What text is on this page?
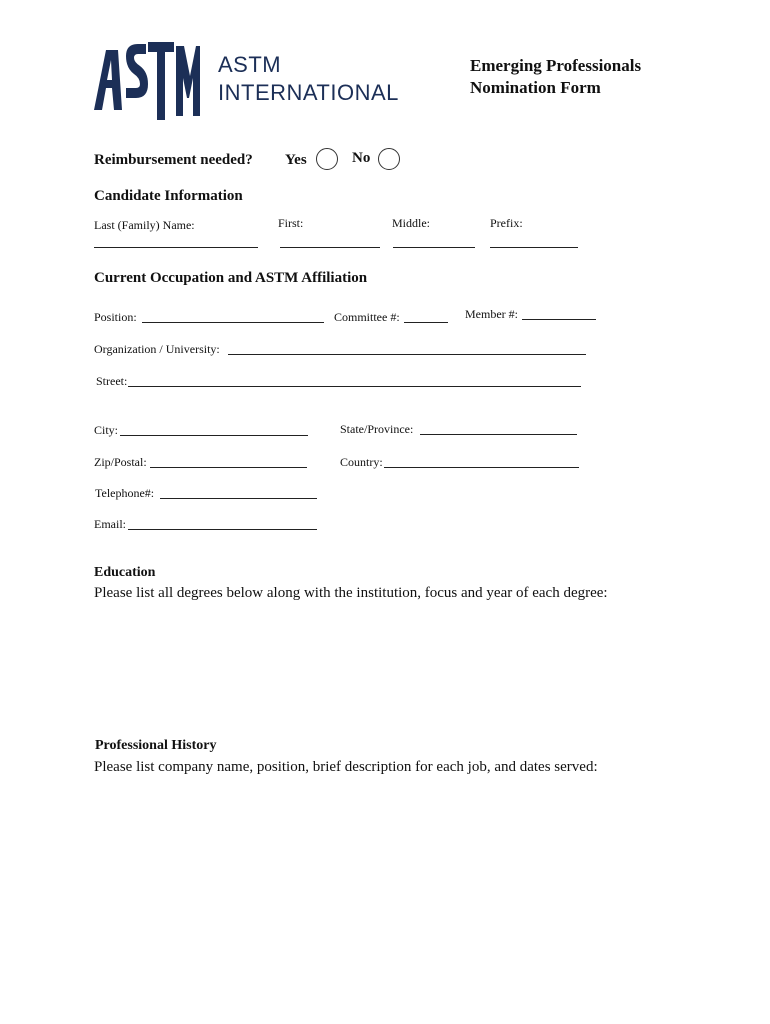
ASTM
INTERNATIONAL
Emerging Professionals
Nomination Form
Reimbursement needed? Yes	No
Candidate Information
Last (Family) Name:	First:	Middle:	Prefix:
Current Occupation and ASTM Affiliation
Position:	Committee #:	Member #:
Organization / University:
Street:
City:	State/Province:
Zip/Postal:	Country:
Telephone#:
Email:
Education
Please list all degrees below along with the institution, focus and year of each degree:
Professional History
Please list company name, position, brief description for each job, and dates served:
